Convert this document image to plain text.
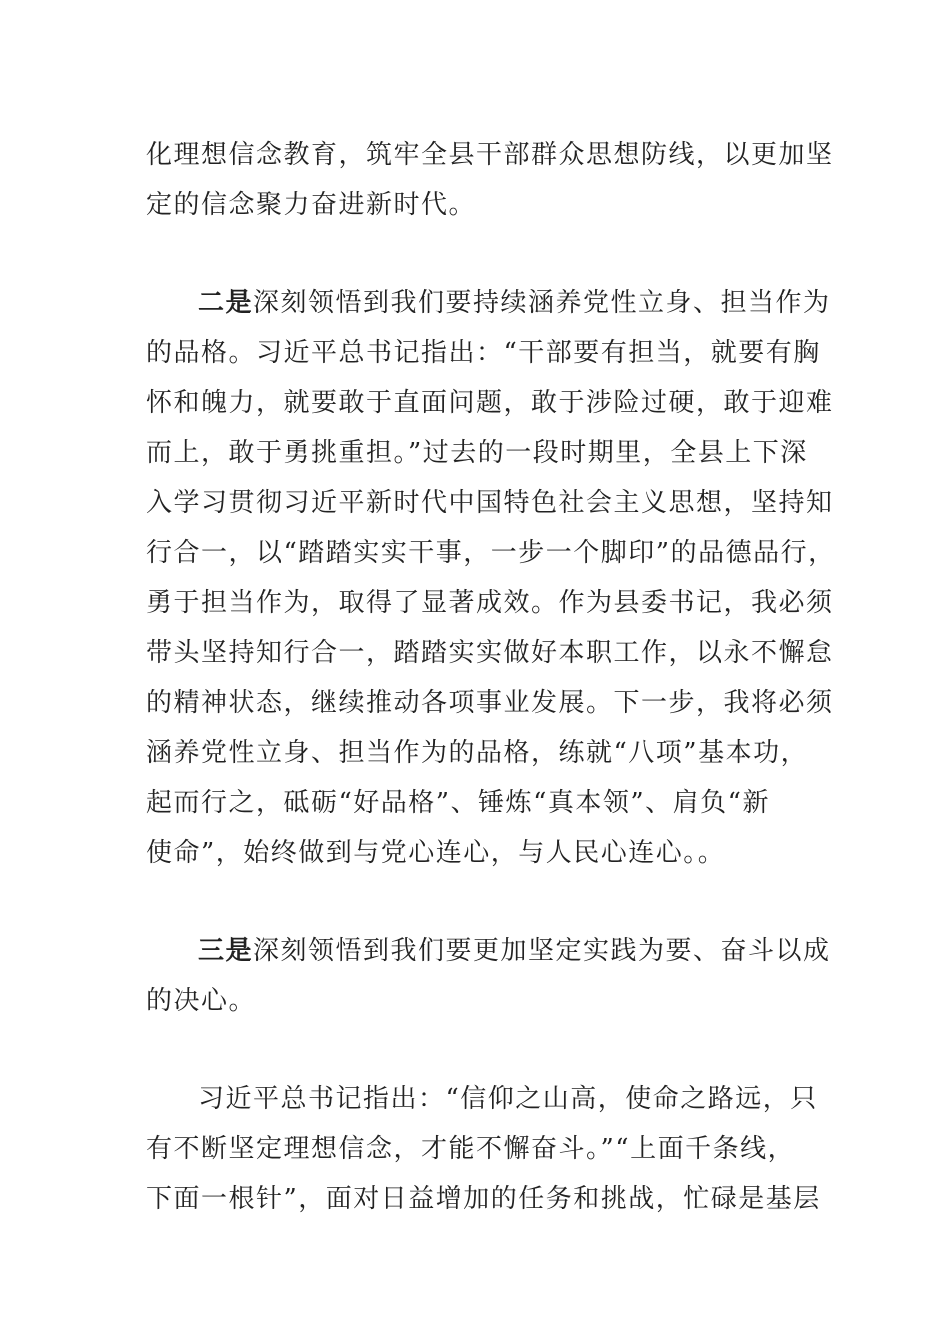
化理想信念教育，筑牢全县干部群众思想防线，以更加坚
定的信念聚力奋进新时代。
二是深刻领悟到我们要持续涵养党性立身、担当作为
的品格。习近平总书记指出：“干部要有担当，就要有胸
怀和魄力，就要敢于直面问题，敢于涉险过硬，敢于迎难
而上，敢于勇挑重担。”过去的一段时期里，全县上下深
入学习贯彻习近平新时代中国特色社会主义思想，坚持知
行合一，以“踏踏实实干事，一步一个脚印”的品德品行，
勇于担当作为，取得了显著成效。作为县委书记，我必须
带头坚持知行合一，踏踏实实做好本职工作，以永不懈怠
的精神状态，继续推动各项事业发展。下一步，我将必须
涵养党性立身、担当作为的品格，练就“八项”基本功，
起而行之，砥砺“好品格”、锤炼“真本领”、肩负“新
使命”，始终做到与党心连心，与人民心连心。。
三是深刻领悟到我们要更加坚定实践为要、奋斗以成
的决心。
习近平总书记指出：“信仰之山高，使命之路远，只
有不断坚定理想信念，才能不懈奋斗。”“上面千条线，
下面一根针”，面对日益增加的任务和挑战，忙碌是基层
